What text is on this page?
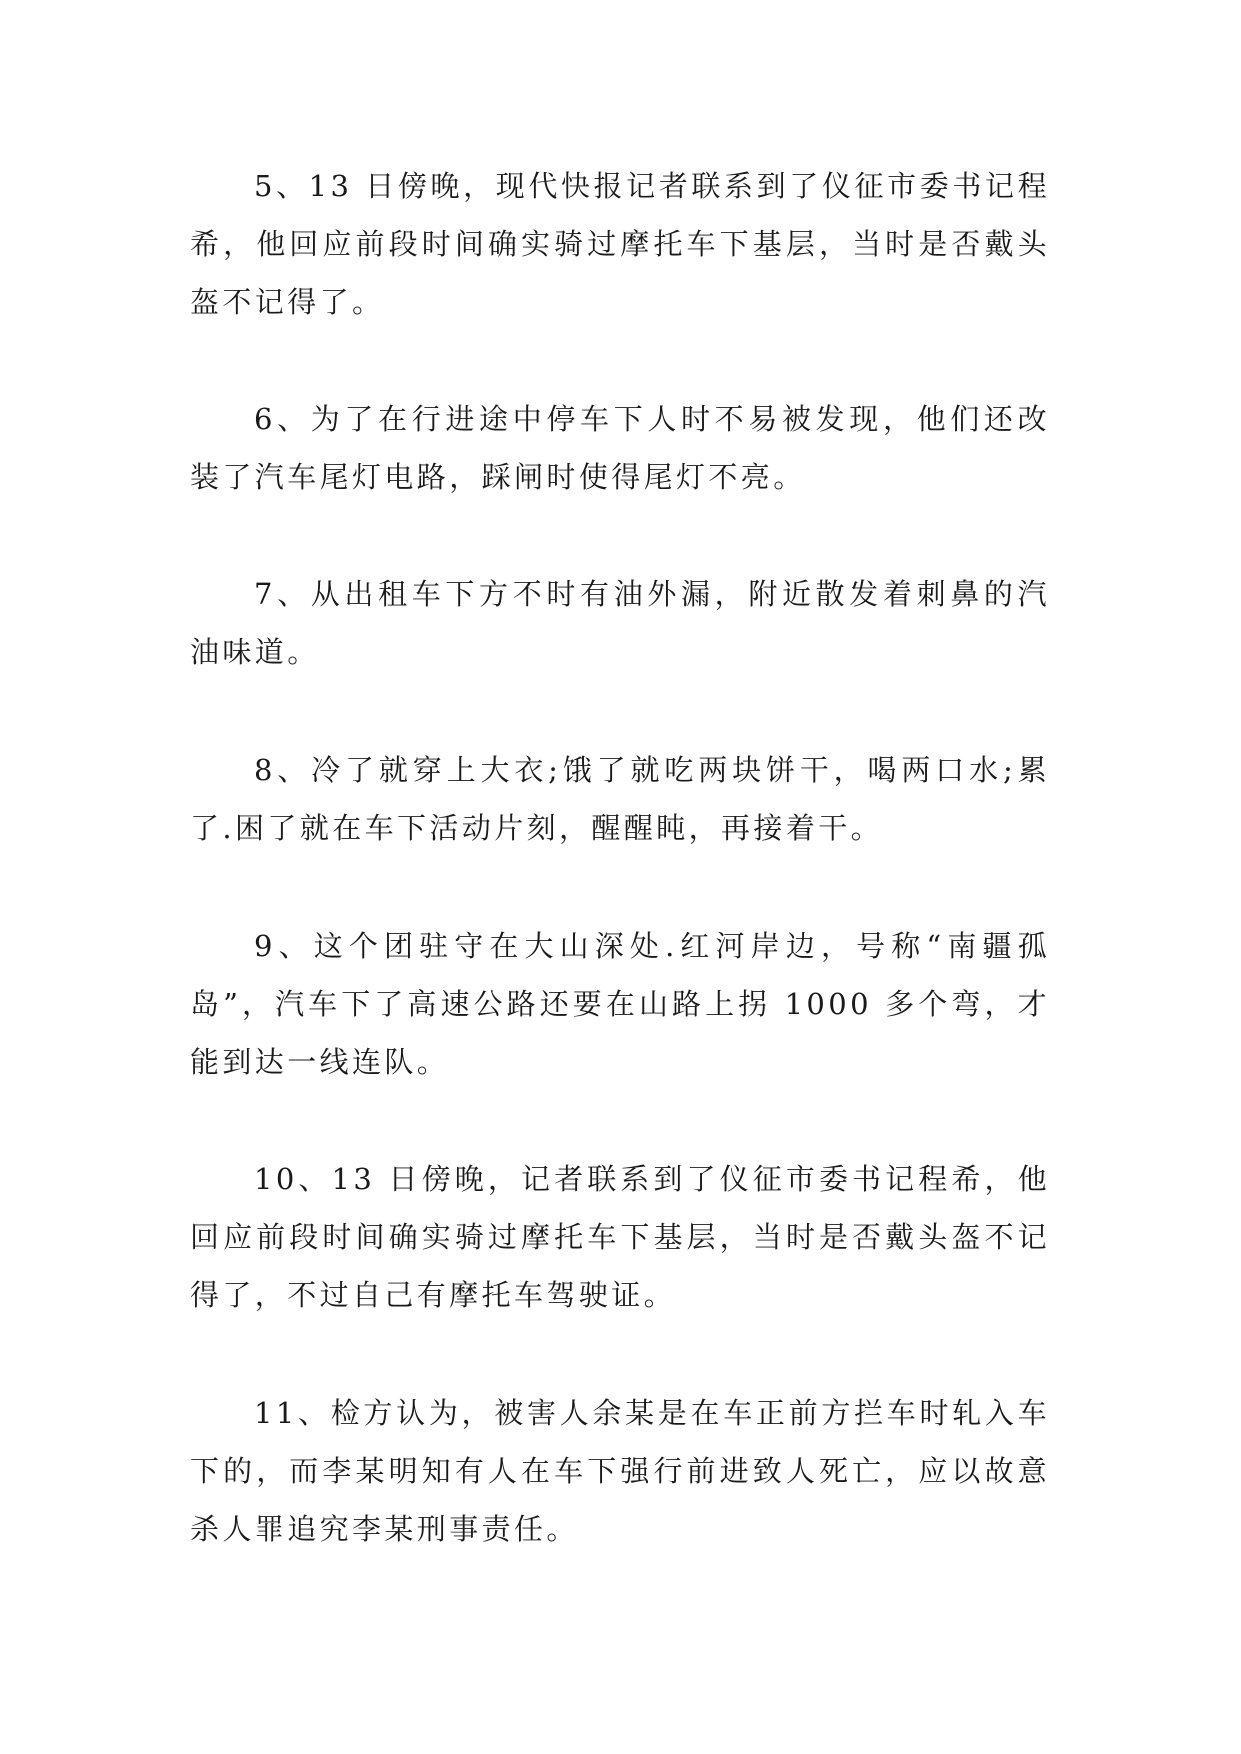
5、13 日傍晚，现代快报记者联系到了仪征市委书记程希，他回应前段时间确实骑过摩托车下基层，当时是否戴头盔不记得了。

6、为了在行进途中停车下人时不易被发现，他们还改装了汽车尾灯电路，踩闸时使得尾灯不亮。

7、从出租车下方不时有油外漏，附近散发着刺鼻的汽油味道。

8、冷了就穿上大衣;饿了就吃两块饼干，喝两口水;累了.困了就在车下活动片刻，醒醒盹，再接着干。

9、这个团驻守在大山深处.红河岸边，号称“南疆孤岛”，汽车下了高速公路还要在山路上拐 1000 多个弯，才能到达一线连队。

10、13 日傍晚，记者联系到了仪征市委书记程希，他回应前段时间确实骑过摩托车下基层，当时是否戴头盔不记得了，不过自己有摩托车驾驶证。

11、检方认为，被害人余某是在车正前方拦车时轧入车下的，而李某明知有人在车下强行前进致人死亡，应以故意杀人罪追究李某刑事责任。
